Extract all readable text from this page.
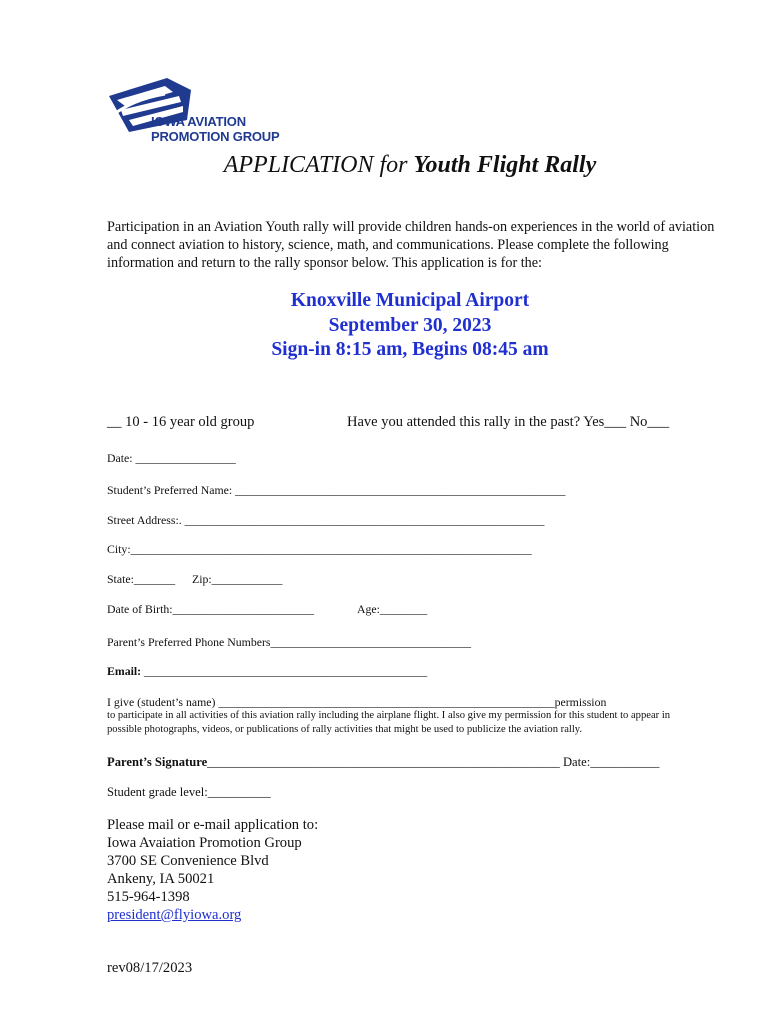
IOWA AVIATION
PROMOTION GROUP
APPLICATION for Youth Flight Rally
Participation in an Aviation Youth rally will provide children hands-on experiences in the world of aviation and connect aviation to history, science, math, and communications. Please complete the following information and return to the rally sponsor below. This application is for the:
Knoxville Municipal Airport
September 30, 2023
Sign-in 8:15 am, Begins 08:45 am
__ 10 - 16 year old group	Have you attended this rally in the past? Yes___ No___
Date: _________________
Student’s Preferred Name: ________________________________________________________
Street Address:. _____________________________________________________________
City:____________________________________________________________________
State:_______ Zip:____________
Date of Birth:________________________	Age:________
Parent’s Preferred Phone Numbers__________________________________
Email: ________________________________________________
I give (student’s name) _________________________________________________________permission
to participate in all activities of this aviation rally including the airplane flight. I also give my permission for this student to appear in
possible photographs, videos, or publications of rally activities that might be used to publicize the aviation rally.
Parent’s Signature________________________________________________________ Date:___________
Student grade level:__________
Please mail or e-mail application to:
Iowa Avaiation Promotion Group
3700 SE Convenience Blvd
Ankeny, IA 50021
515-964-1398
president@flyiowa.org
rev08/17/2023
